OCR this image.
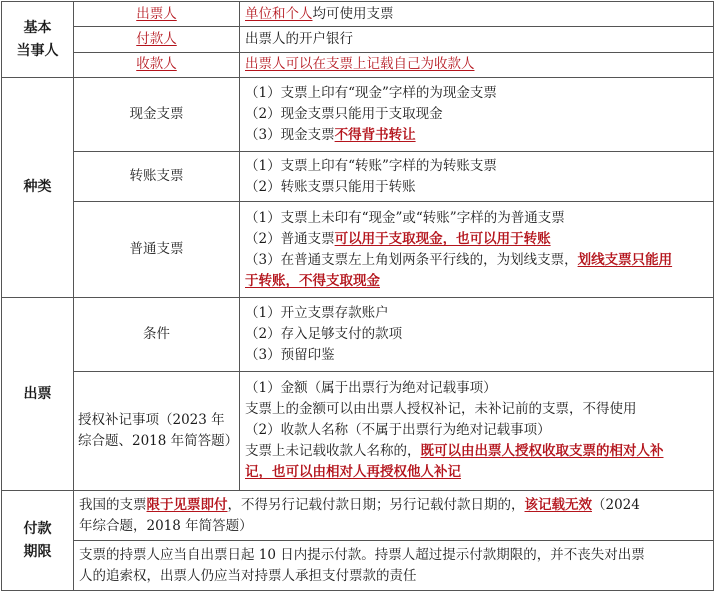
基本
当事人	出票人	单位和个人均可使用支票
	付款人	出票人的开户银行
	收款人	出票人可以在支票上记载自己为收款人
种类	现金支票	（1）支票上印有“现金”字样的为现金支票
（2）现金支票只能用于支取现金
（3）现金支票不得背书转让

	转账支票	（1）支票上印有“转账”字样的为转账支票
（2）转账支票只能用于转账

	普通支票	（1）支票上未印有“现金”或“转账”字样的为普通支票
（2）普通支票可以用于支取现金，也可以用于转账
（3）在普通支票左上角划两条平行线的，为划线支票，划线支票只能用
于转账，不得支取现金

出票	条件	（1）开立支票存款账户
（2）存入足够支付的款项
（3）预留印鉴

	授权补记事项（2023 年
综合题、2018 年简答题）	（1）金额（属于出票行为绝对记载事项）
支票上的金额可以由出票人授权补记，未补记前的支票，不得使用
（2）收款人名称（不属于出票行为绝对记载事项）
支票上未记载收款人名称的，既可以由出票人授权收取支票的相对人补
记，也可以由相对人再授权他人补记

付款
期限	我国的支票限于见票即付，不得另行记载付款日期；另行记载付款日期的，该记载无效（2024
年综合题，2018 年简答题）	

	支票的持票人应当自出票日起 10 日内提示付款。持票人超过提示付款期限的，并不丧失对出票
人的追索权，出票人仍应当对持票人承担支付票款的责任	
